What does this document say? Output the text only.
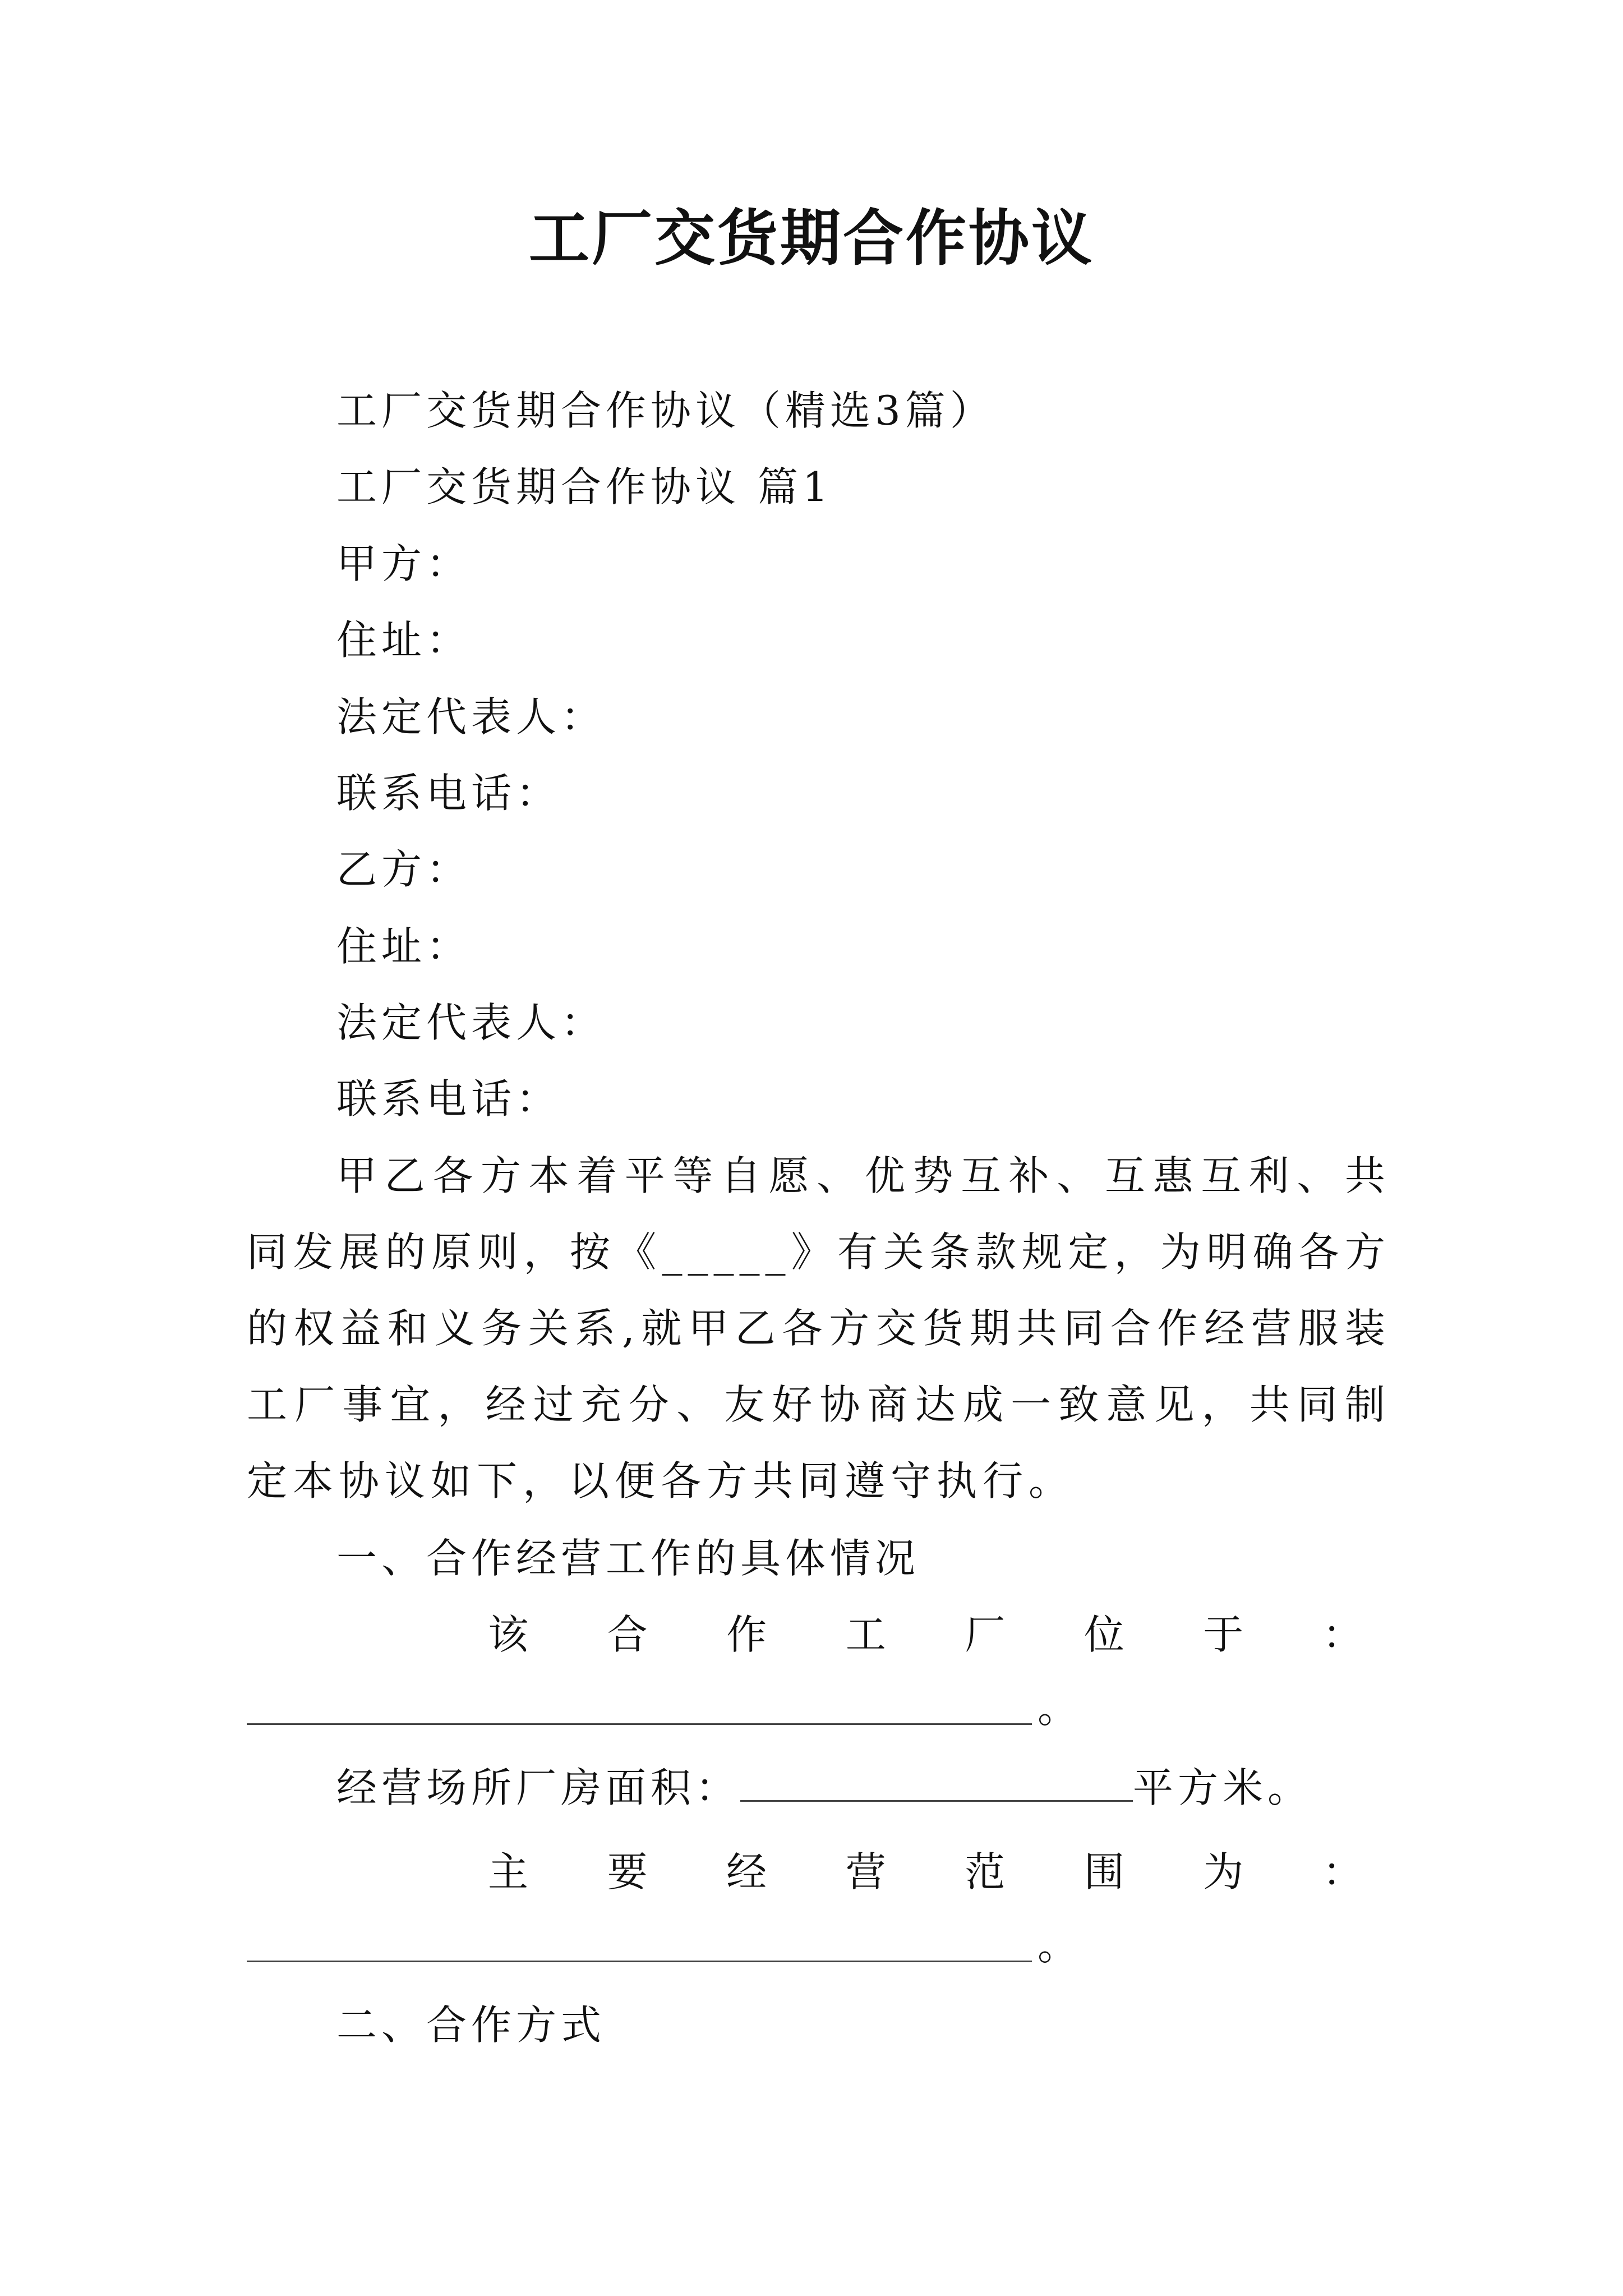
工厂交货期合作协议
工厂交货期合作协议（精选3篇）
工厂交货期合作协议 篇1
甲方：
住址：
法定代表人：
联系电话：
乙方：
住址：
法定代表人：
联系电话：
甲乙各方本着平等自愿、优势互补、互惠互利、共同发展的原则，按《_____》有关条款规定，为明确各方的权益和义务关系,就甲乙各方交货期共同合作经营服装工厂事宜，经过充分、友好协商达成一致意见，共同制定本协议如下，以便各方共同遵守执行。
一、合作经营工作的具体情况
该 合 作 工 厂 位 于 ：
。
经营场所厂房面积：	平方米。
主 要 经 营 范 围 为 ：
。
二、合作方式
